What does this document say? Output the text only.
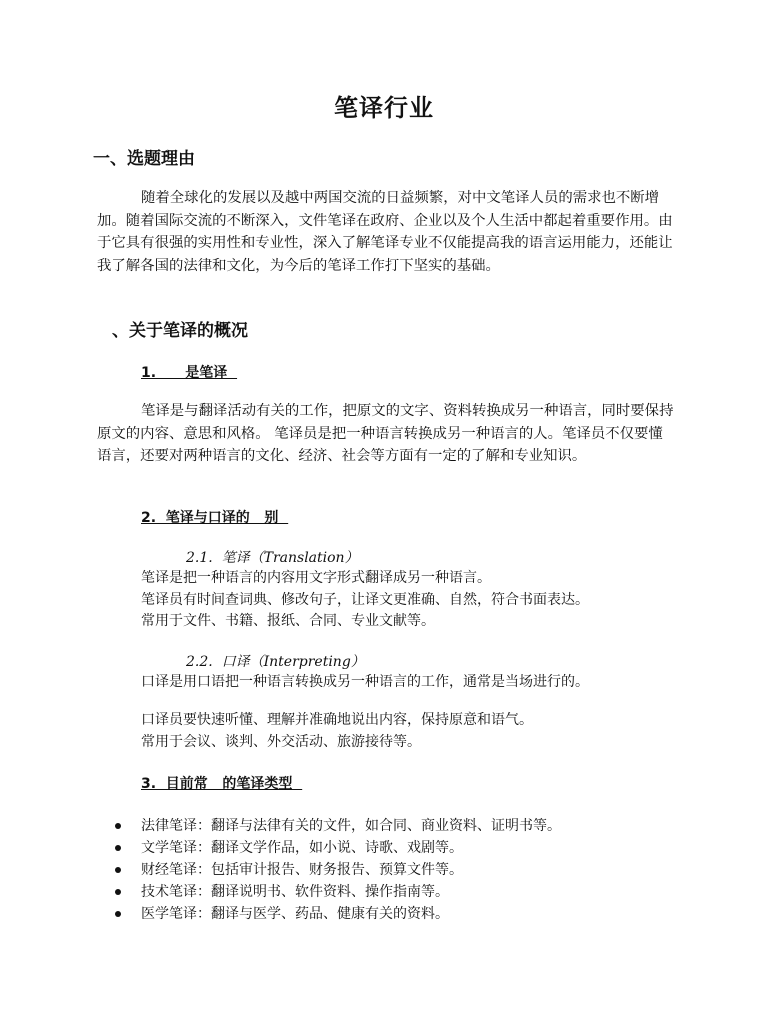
笔译行业
一、选题理由

随着全球化的发展以及越中两国交流的日益频繁，对中文笔译人员的需求也不断增加。随着国际交流的不断深入，文件笔译在政府、企业以及个人生活中都起着重要作用。由于它具有很强的实用性和专业性，深入了解笔译专业不仅能提高我的语言运用能力，还能让我了解各国的法律和文化，为今后的笔译工作打下坚实的基础。

、关于笔译的概况
1.      是笔译

笔译是与翻译活动有关的工作，把原文的文字、资料转换成另一种语言，同时要保持原文的内容、意思和风格。 笔译员是把一种语言转换成另一种语言的人。笔译员不仅要懂语言，还要对两种语言的文化、经济、社会等方面有一定的了解和专业知识。

2.  笔译与口译的   别
2.1.  笔译（Translation）
笔译是把一种语言的内容用文字形式翻译成另一种语言。
笔译员有时间查词典、修改句子，让译文更准确、自然，符合书面表达。
常用于文件、书籍、报纸、合同、专业文献等。
2.2.  口译（Interpreting）
口译是用口语把一种语言转换成另一种语言的工作，通常是当场进行的。
口译员要快速听懂、理解并准确地说出内容，保持原意和语气。
常用于会议、谈判、外交活动、旅游接待等。
3.  目前常   的笔译类型
法律笔译：翻译与法律有关的文件，如合同、商业资料、证明书等。
文学笔译：翻译文学作品，如小说、诗歌、戏剧等。
财经笔译：包括审计报告、财务报告、预算文件等。
技术笔译：翻译说明书、软件资料、操作指南等。
医学笔译：翻译与医学、药品、健康有关的资料。
